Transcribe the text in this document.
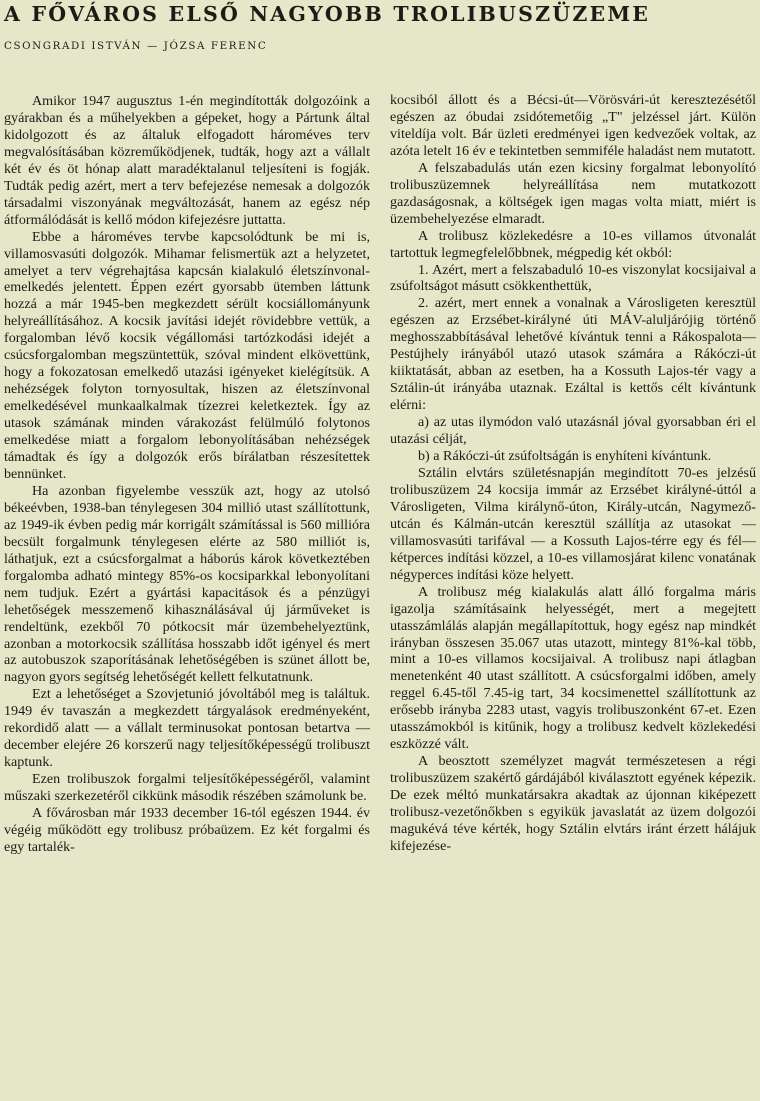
A FŐVÁROS ELSŐ NAGYOBB TROLIBUSZÜZEME
CSONGRADI ISTVÁN — JÓZSA FERENC

Amikor 1947 augusztus 1-én megindították dolgozóink a gyárakban és a műhelyekben a gépeket, hogy a Pártunk által kidolgozott és az általuk elfogadott hároméves terv megvalósításában közreműködjenek, tudták, hogy azt a vállalt két év és öt hónap alatt maradéktalanul teljesíteni is fogják. Tudták pedig azért, mert a terv befejezése nemesak a dolgozók társadalmi viszonyának megváltozását, hanem az egész nép átformálódását is kellő módon kifejezésre juttatta.

Ebbe a hároméves tervbe kapcsolódtunk be mi is, villamosvasúti dolgozók. Mihamar felismertük azt a helyzetet, amelyet a terv végrehajtása kapcsán kialakuló életszínvonal-emelkedés jelentett. Éppen ezért gyorsabb ütemben láttunk hozzá a már 1945-ben megkezdett sérült kocsiállományunk helyreállításához. A kocsik javítási idejét rövidebbre vettük, a forgalomban lévő kocsik végállomási tartózkodási idejét a csúcsforgalomban megszüntettük, szóval mindent elkövettünk, hogy a fokozatosan emelkedő utazási igényeket kielégítsük. A nehézségek folyton tornyosultak, hiszen az életszínvonal emelkedésével munkaalkalmak tízezrei keletkeztek. Így az utasok számának minden várakozást felülmúló folytonos emelkedése miatt a forgalom lebonyolításában nehézségek támadtak és így a dolgozók erős bírálatban részesítettek bennünket.

Ha azonban figyelembe vesszük azt, hogy az utolsó békeévben, 1938-ban ténylegesen 304 millió utast szállítottunk, az 1949-ik évben pedig már korrigált számítással is 560 millióra becsült forgalmunk ténylegesen elérte az 580 milliót is, láthatjuk, ezt a csúcsforgalmat a háborús károk következtében forgalomba adható mintegy 85%-os kocsiparkkal lebonyolítani nem tudjuk. Ezért a gyártási kapacitások és a pénzügyi lehetőségek messzemenő kihasználásával új járműveket is rendeltünk, ezekből 70 pótkocsit már üzembehelyeztünk, azonban a motorkocsik szállítása hosszabb időt igényel és mert az autobuszok szaporításának lehetőségében is szünet állott be, nagyon gyors segítség lehetőségét kellett felkutatnunk.

Ezt a lehetőséget a Szovjetunió jóvoltából meg is találtuk. 1949 év tavaszán a megkezdett tárgyalások eredményeként, rekordidő alatt — a vállalt terminusokat pontosan betartva — december elejére 26 korszerű nagy teljesítőképességű trolibuszt kaptunk.

Ezen trolibuszok forgalmi teljesítőképességéről, valamint műszaki szerkezetéről cikkünk második részében számolunk be.

A fővárosban már 1933 december 16-tól egészen 1944. év végéig működött egy trolibusz próbaüzem. Ez két forgalmi és egy tartalék-

kocsiból állott és a Bécsi-út—Vörösvári-út keresztezésétől egészen az óbudai zsidótemetőig „T" jelzéssel járt. Külön viteldíja volt. Bár üzleti eredményei igen kedvezőek voltak, az azóta letelt 16 év e tekintetben semmiféle haladást nem mutatott.

A felszabadulás után ezen kicsiny forgalmat lebonyolító trolibuszüzemnek helyreállítása nem mutatkozott gazdaságosnak, a költségek igen magas volta miatt, miért is üzembehelyezése elmaradt.

A trolibusz közlekedésre a 10-es villamos útvonalát tartottuk legmegfelelőbbnek, mégpedig két okból:

1. Azért, mert a felszabaduló 10-es viszonylat kocsijaival a zsúfoltságot másutt csökkenthettük,

2. azért, mert ennek a vonalnak a Városligeten keresztül egészen az Erzsébet-királyné úti MÁV-aluljárójig történő meghosszabbításával lehetővé kívántuk tenni a Rákospalota—Pestújhely irányából utazó utasok számára a Rákóczi-út kiiktatását, abban az esetben, ha a Kossuth Lajos-tér vagy a Sztálin-út irányába utaznak. Ezáltal is kettős célt kívántunk elérni:

a) az utas ilymódon való utazásnál jóval gyorsabban éri el utazási célját,

b) a Rákóczi-út zsúfoltságán is enyhíteni kívántunk.

Sztálin elvtárs születésnapján megindított 70-es jelzésű trolibuszüzem 24 kocsija immár az Erzsébet királyné-úttól a Városligeten, Vilma királynő-úton, Király-utcán, Nagymező-utcán és Kálmán-utcán keresztül szállítja az utasokat — villamosvasúti tarifával — a Kossuth Lajos-térre egy és fél— kétperces indítási közzel, a 10-es villamosjárat kilenc vonatának négyperces indítási köze helyett.

A trolibusz még kialakulás alatt álló forgalma máris igazolja számításaink helyességét, mert a megejtett utasszámlálás alapján megállapítottuk, hogy egész nap mindkét irányban összesen 35.067 utas utazott, mintegy 81%-kal több, mint a 10-es villamos kocsijaival. A trolibusz napi átlagban menetenként 40 utast szállított. A csúcsforgalmi időben, amely reggel 6.45-től 7.45-ig tart, 34 kocsimenettel szállítottunk az erősebb irányba 2283 utast, vagyis trolibuszonként 67-et. Ezen utasszámokból is kitűnik, hogy a trolibusz kedvelt közlekedési eszközzé vált.

A beosztott személyzet magvát természetesen a régi trolibuszüzem szakértő gárdájából kiválasztott egyének képezik. De ezek méltó munkatársakra akadtak az újonnan kiképezett trolibusz-vezetőnőkben s egyikük javaslatát az üzem dolgozói magukévá téve kérték, hogy Sztálin elvtárs iránt érzett hálájuk kifejezése-
